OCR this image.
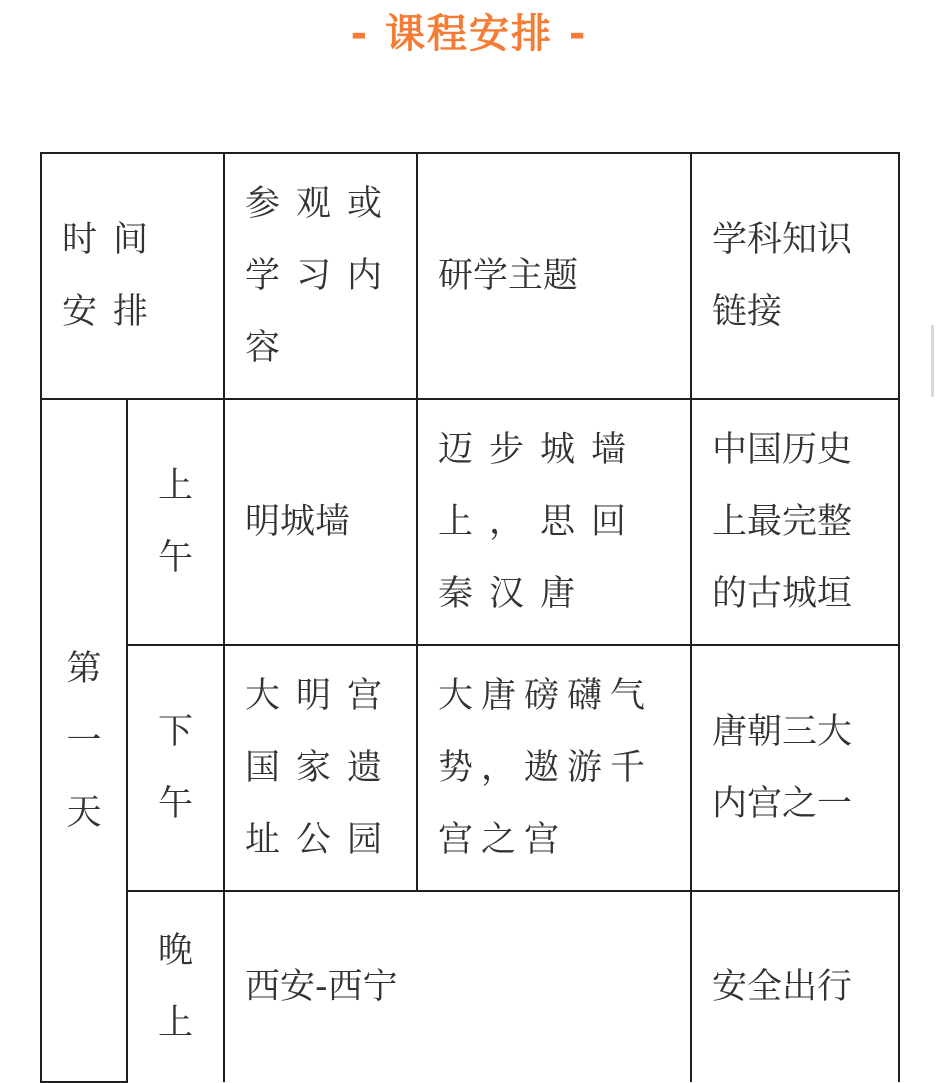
- 课程安排 -
时间安排		参观或学习内容	研学主题	学科知识链接
第一天	上午	明城墙	迈步城墙上，思回秦汉唐	中国历史上最完整的古城垣
	下午	大明宫国家遗址公园	大唐磅礴气势，遨游千宫之宫	唐朝三大内宫之一
	晚上	西安-西宁		安全出行
